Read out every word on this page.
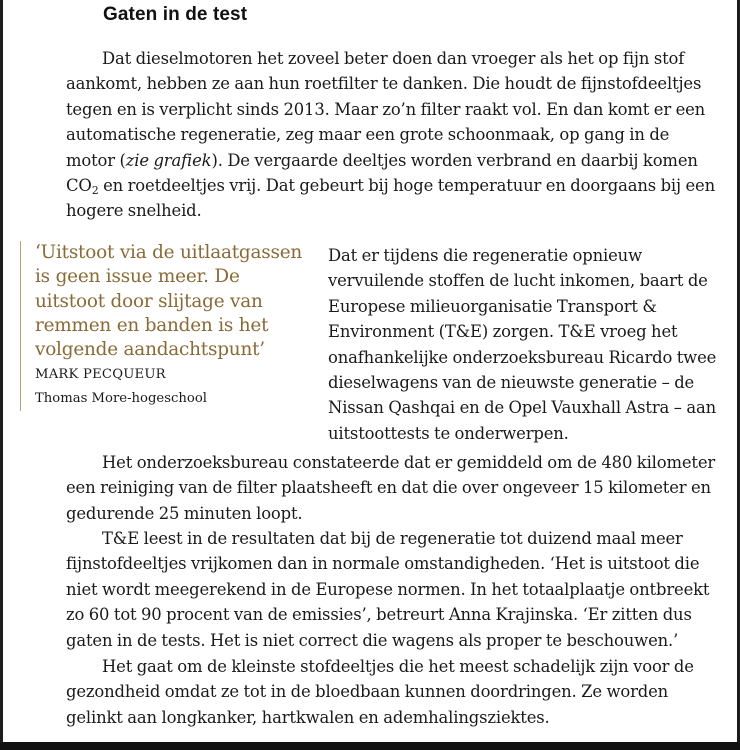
Gaten in de test

Dat dieselmotoren het zoveel beter doen dan vroeger als het op fijn stof aankomt, hebben ze aan hun roetfilter te danken. Die houdt de fijnstofdeeltjes tegen en is verplicht sinds 2013. Maar zo’n filter raakt vol. En dan komt er een automatische regeneratie, zeg maar een grote schoonmaak, op gang in de motor (zie grafiek). De vergaarde deeltjes worden verbrand en daarbij komen CO2 en roetdeeltjes vrij. Dat gebeurt bij hoge temperatuur en doorgaans bij een hogere snelheid.

‘Uitstoot via de uitlaatgassen is geen issue meer. De uitstoot door slijtage van remmen en banden is het volgende aandachtspunt’

MARK PECQUEUR

Thomas More-hogeschool

Dat er tijdens die regeneratie opnieuw vervuilende stoffen de lucht inkomen, baart de Europese milieuorganisatie Transport & Environment (T&E) zorgen. T&E vroeg het onafhankelijke onderzoeksbureau Ricardo twee dieselwagens van de nieuwste generatie – de Nissan Qashqai en de Opel Vauxhall Astra – aan uitstoottests te onderwerpen.

Het onderzoeksbureau constateerde dat er gemiddeld om de 480 kilometer een reiniging van de filter plaatsheeft en dat die over ongeveer 15 kilometer en gedurende 25 minuten loopt.

T&E leest in de resultaten dat bij de regeneratie tot duizend maal meer fijnstofdeeltjes vrijkomen dan in normale omstandigheden. ‘Het is uitstoot die niet wordt meegerekend in de Europese normen. In het totaalplaatje ontbreekt zo 60 tot 90 procent van de emissies’, betreurt Anna Krajinska. ‘Er zitten dus gaten in de tests. Het is niet correct die wagens als proper te beschouwen.’

Het gaat om de kleinste stofdeeltjes die het meest schadelijk zijn voor de gezondheid omdat ze tot in de bloedbaan kunnen doordringen. Ze worden gelinkt aan longkanker, hartkwalen en ademhalingsziektes.
